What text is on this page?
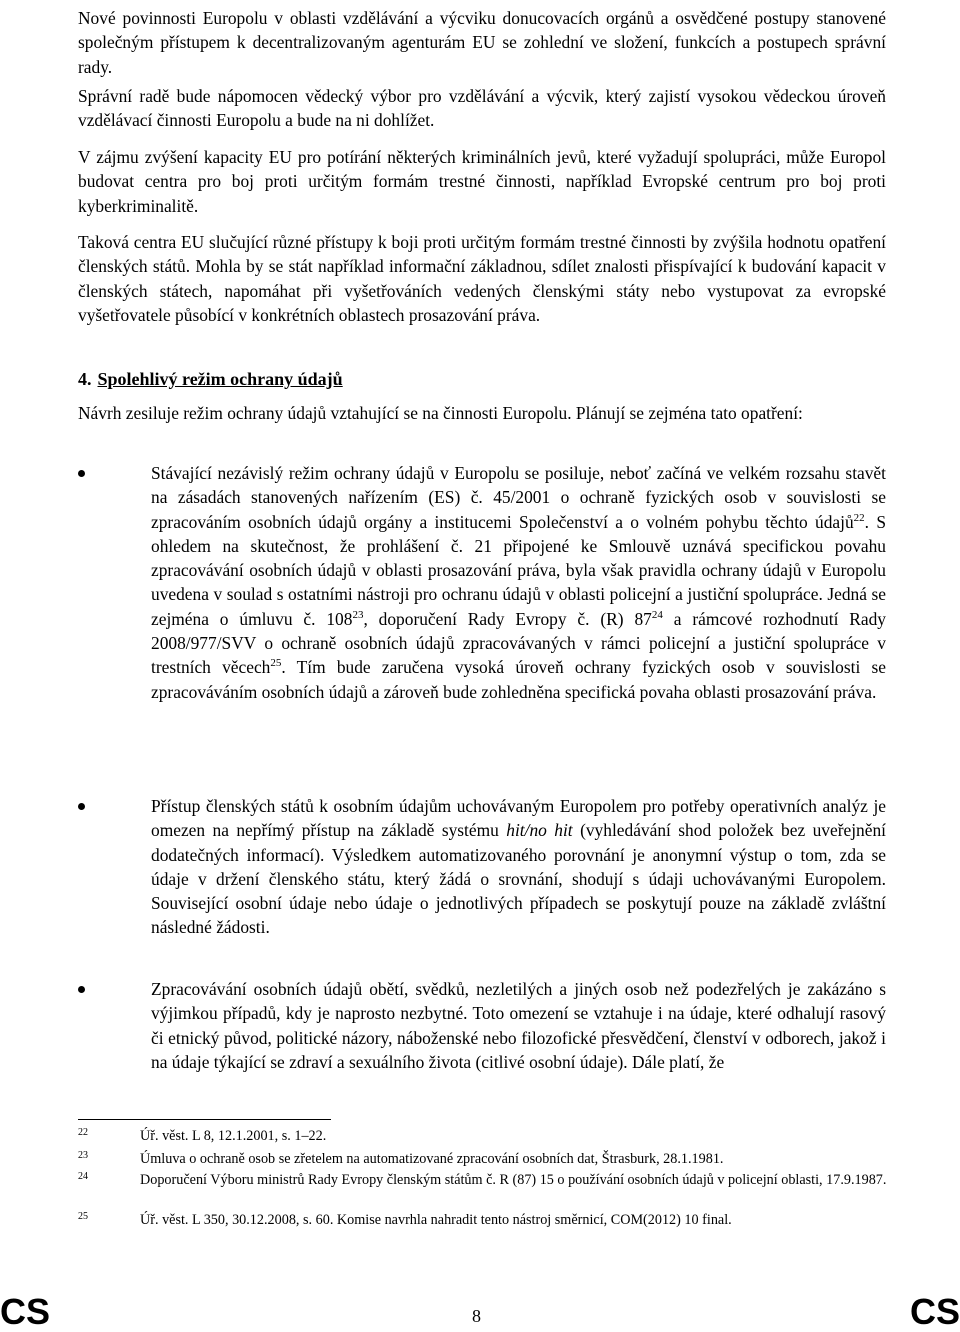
Nové povinnosti Europolu v oblasti vzdělávání a výcviku donucovacích orgánů a osvědčené postupy stanovené společným přístupem k decentralizovaným agenturám EU se zohlední ve složení, funkcích a postupech správní rady.

Správní radě bude nápomocen vědecký výbor pro vzdělávání a výcvik, který zajistí vysokou vědeckou úroveň vzdělávací činnosti Europolu a bude na ni dohlížet.

V zájmu zvýšení kapacity EU pro potírání některých kriminálních jevů, které vyžadují spolupráci, může Europol budovat centra pro boj proti určitým formám trestné činnosti, například Evropské centrum pro boj proti kyberkriminalitě.

Taková centra EU slučující různé přístupy k boji proti určitým formám trestné činnosti by zvýšila hodnotu opatření členských států. Mohla by se stát například informační základnou, sdílet znalosti přispívající k budování kapacit v členských státech, napomáhat při vyšetřováních vedených členskými státy nebo vystupovat za evropské vyšetřovatele působící v konkrétních oblastech prosazování práva.

4. Spolehlivý režim ochrany údajů

Návrh zesiluje režim ochrany údajů vztahující se na činnosti Europolu. Plánují se zejména tato opatření:

Stávající nezávislý režim ochrany údajů v Europolu se posiluje, neboť začíná ve velkém rozsahu stavět na zásadách stanovených nařízením (ES) č. 45/2001 o ochraně fyzických osob v souvislosti se zpracováním osobních údajů orgány a institucemi Společenství a o volném pohybu těchto údajů$^{22}$. S ohledem na skutečnost, že prohlášení č. 21 připojené ke Smlouvě uznává specifickou povahu zpracovávání osobních údajů v oblasti prosazování práva, byla však pravidla ochrany údajů v Europolu uvedena v soulad s ostatními nástroji pro ochranu údajů v oblasti policejní a justiční spolupráce. Jedná se zejména o úmluvu č. $108^{23}$, doporučení Rady Evropy č. (R) $87^{24}$ a rámcové rozhodnutí Rady 2008/977/SVV o ochraně osobních údajů zpracovávaných v rámci policejní a justiční spolupráce v trestních věcech$^{25}$. Tím bude zaručena vysoká úroveň ochrany fyzických osob v souvislosti se zpracováváním osobních údajů a zároveň bude zohledněna specifická povaha oblasti prosazování práva.

Přístup členských států k osobním údajům uchovávaným Europolem pro potřeby operativních analýz je omezen na nepřímý přístup na základě systému hit/no hit (vyhledávání shod položek bez uveřejnění dodatečných informací). Výsledkem automatizovaného porovnání je anonymní výstup o tom, zda se údaje v držení členského státu, který žádá o srovnání, shodují s údaji uchovávanými Europolem. Související osobní údaje nebo údaje o jednotlivých případech se poskytují pouze na základě zvláštní následné žádosti.

Zpracovávání osobních údajů obětí, svědků, nezletilých a jiných osob než podezřelých je zakázáno s výjimkou případů, kdy je naprosto nezbytné. Toto omezení se vztahuje i na údaje, které odhalují rasový či etnický původ, politické názory, náboženské nebo filozofické přesvědčení, členství v odborech, jakož i na údaje týkající se zdraví a sexuálního života (citlivé osobní údaje). Dále platí, že

22	Úř. věst. L 8, 12.1.2001, s. 1–22.

23	Úmluva o ochraně osob se zřetelem na automatizované zpracování osobních dat, Štrasburk, 28.1.1981.

24	Doporučení Výboru ministrů Rady Evropy členským státům č. R (87) 15 o používání osobních údajů v policejní oblasti, 17.9.1987.

25	Úř. věst. L 350, 30.12.2008, s. 60. Komise navrhla nahradit tento nástroj směrnicí, COM(2012) 10 final.

CS	8	CS
